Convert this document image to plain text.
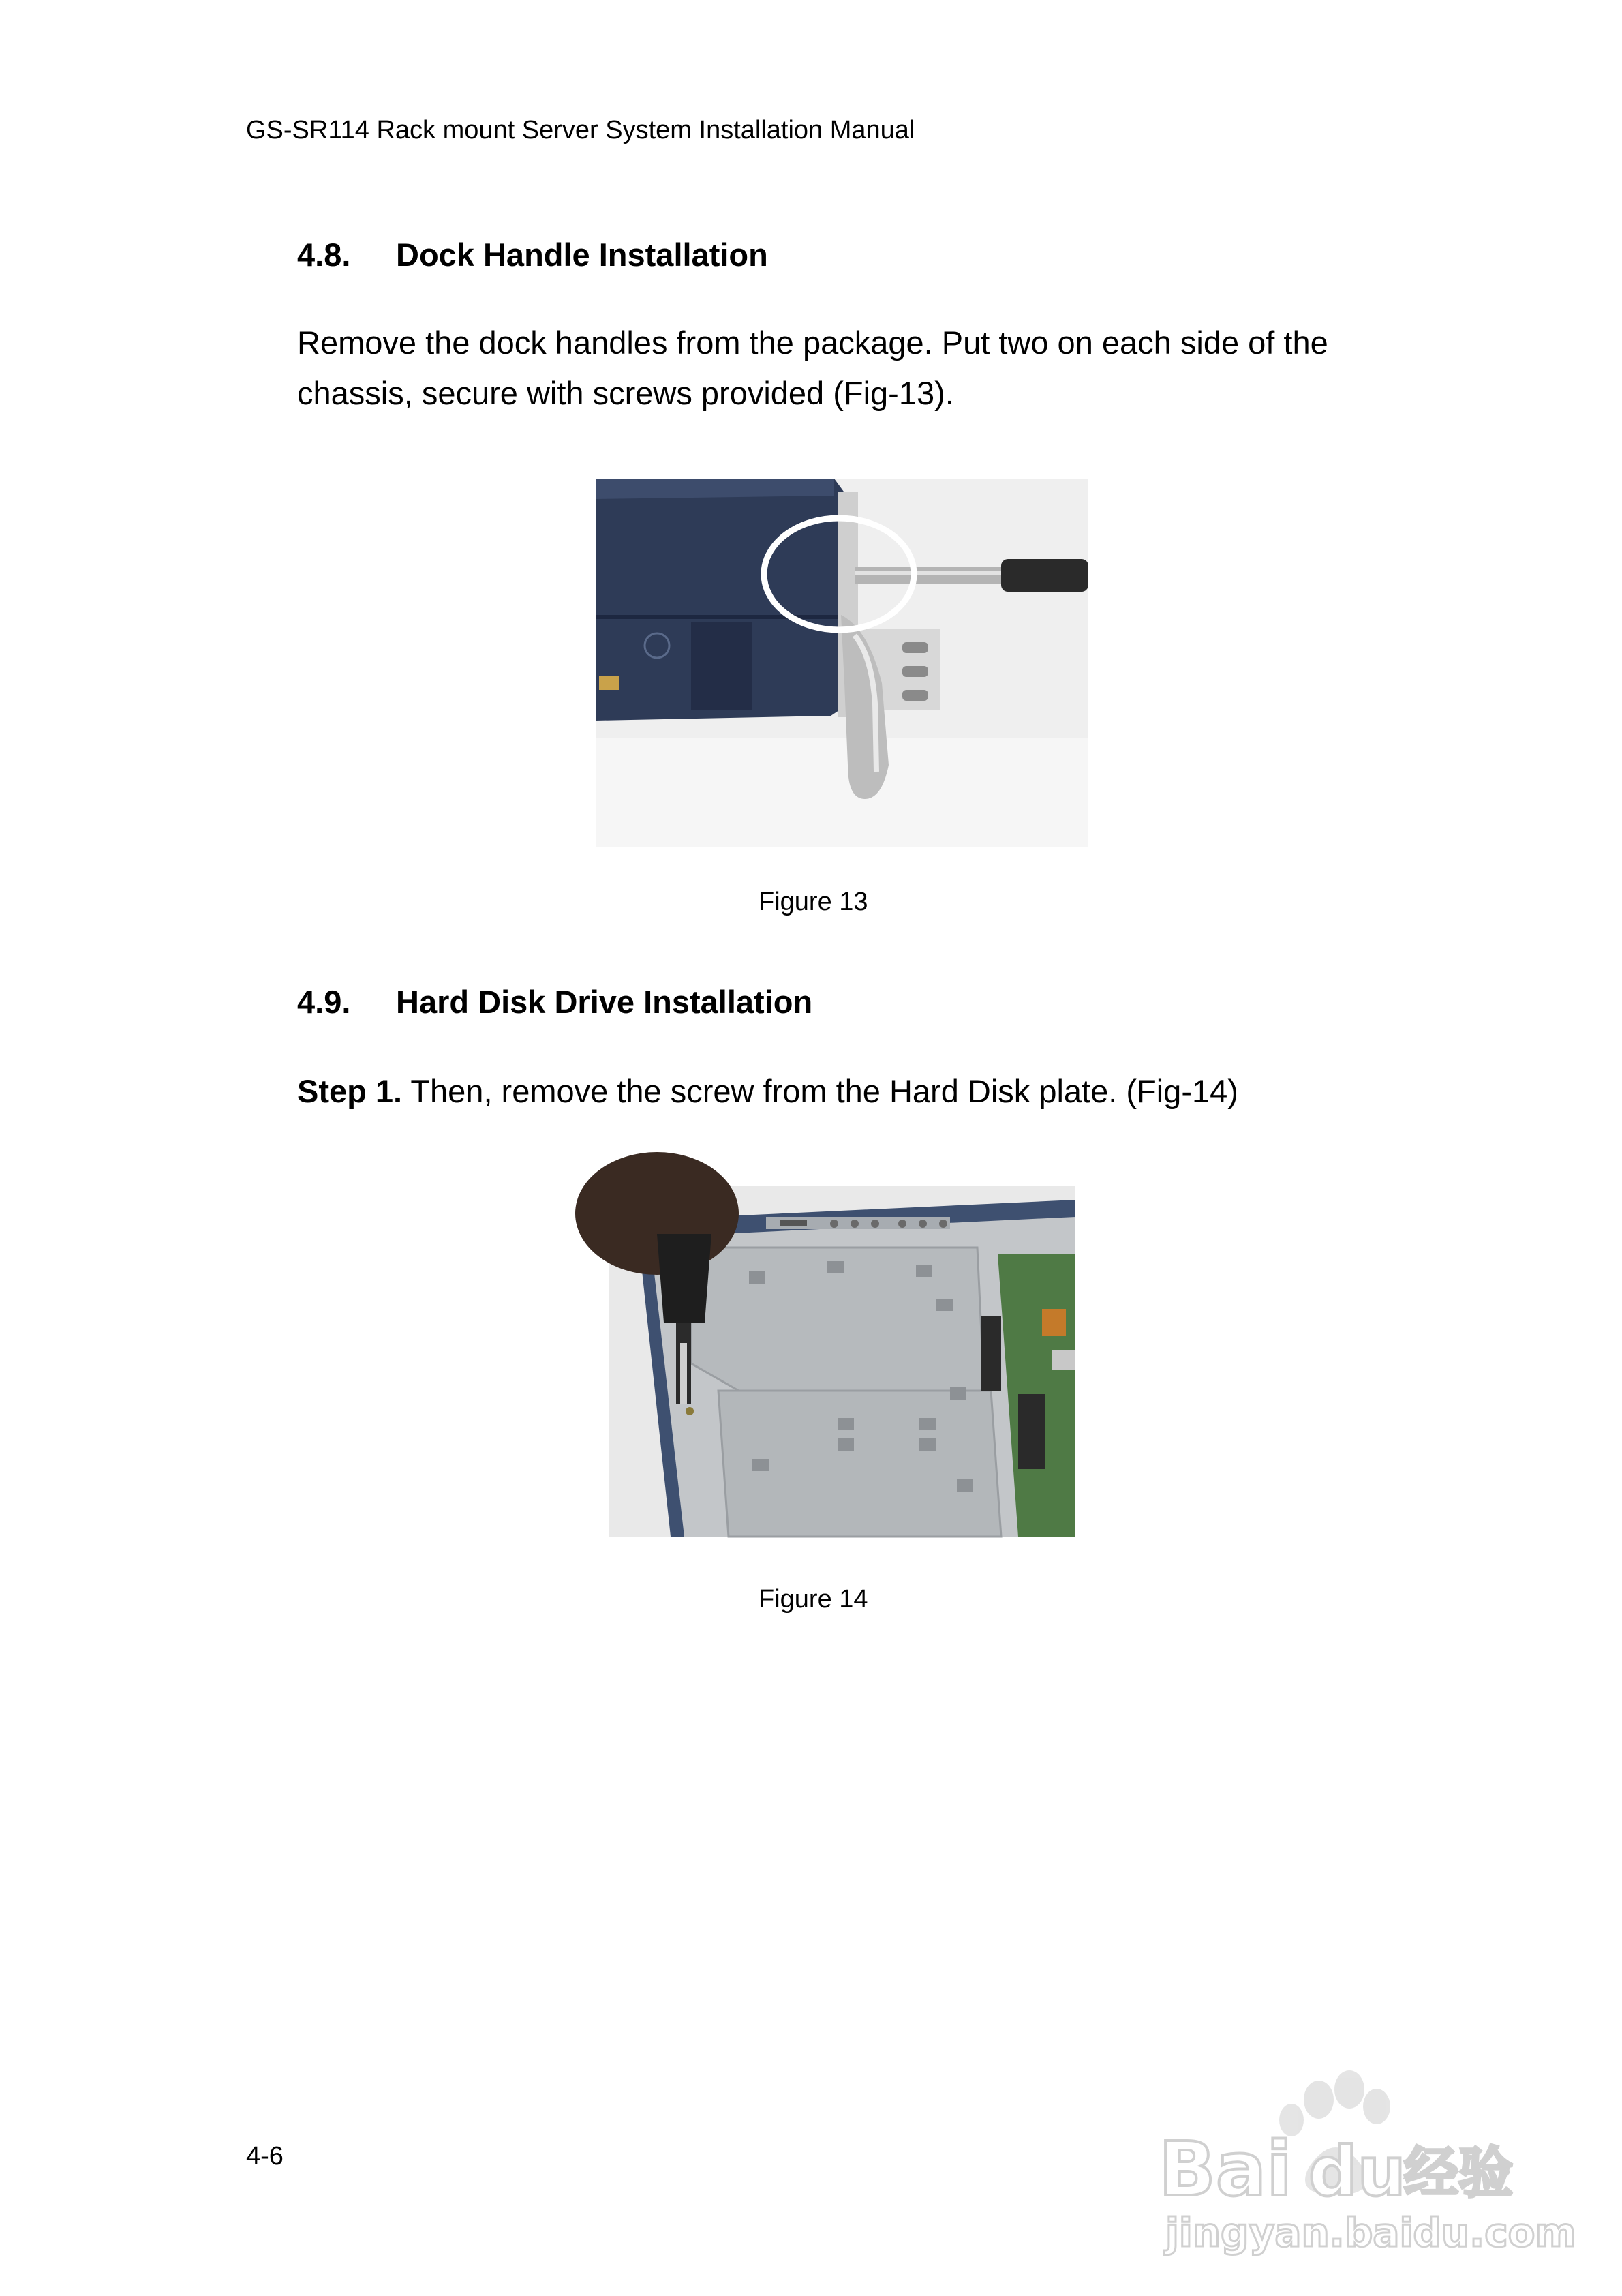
GS-SR114 Rack mount Server System Installation Manual
4.8. Dock Handle Installation
Remove the dock handles from the package. Put two on each side of the
chassis, secure with screws provided (Fig-13).
Figure 13
4.9. Hard Disk Drive Installation
Step 1. Then, remove the screw from the Hard Disk plate. (Fig-14)
Figure 14
4-6	Bai du
经验
jingyan.baidu.com
